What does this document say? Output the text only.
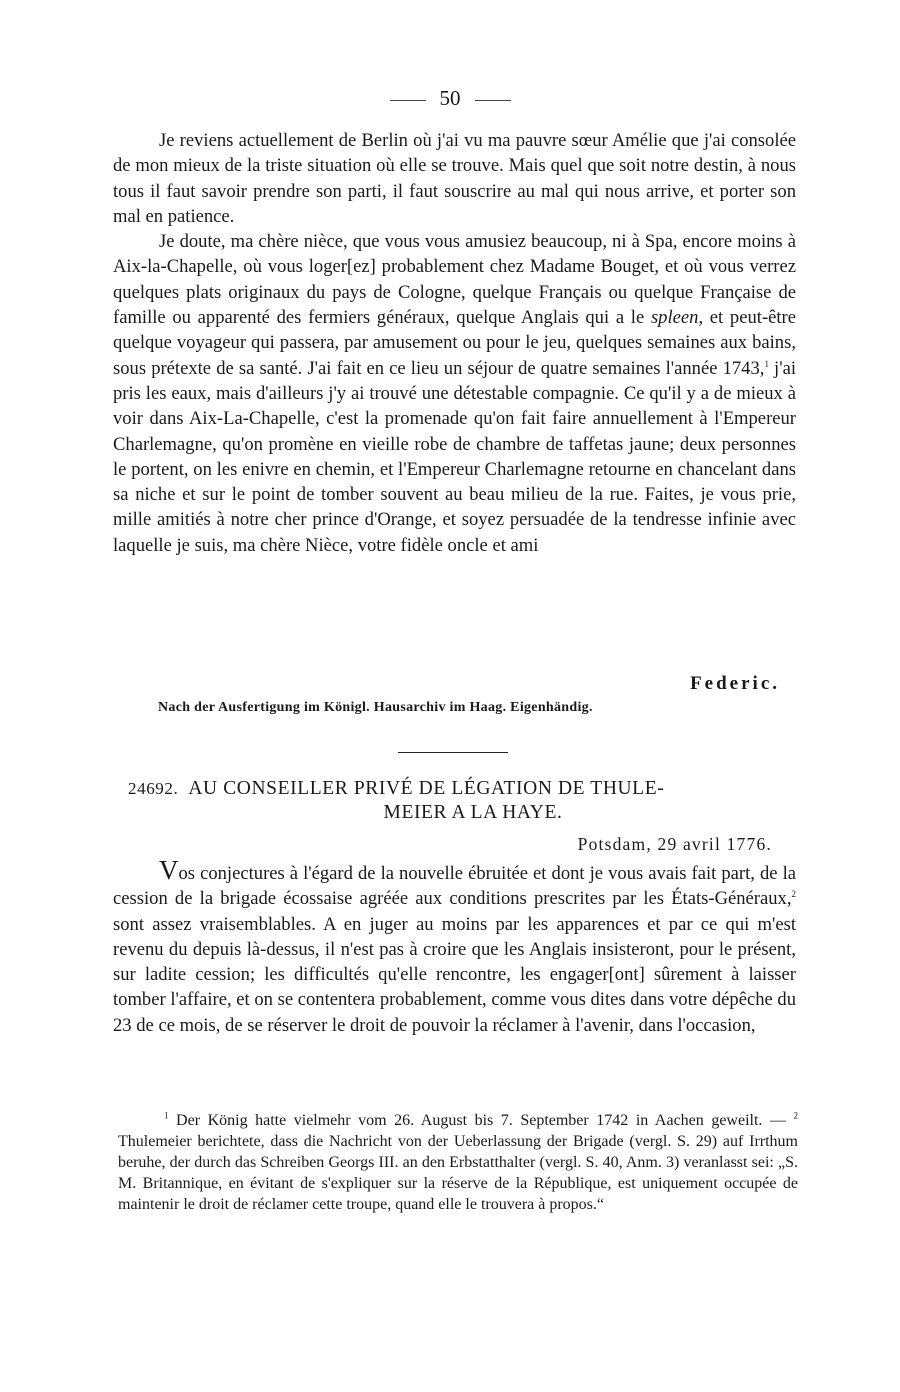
50

Je reviens actuellement de Berlin où j'ai vu ma pauvre sœur Amélie que j'ai consolée de mon mieux de la triste situation où elle se trouve. Mais quel que soit notre destin, à nous tous il faut savoir prendre son parti, il faut souscrire au mal qui nous arrive, et porter son mal en patience.

Je doute, ma chère nièce, que vous vous amusiez beaucoup, ni à Spa, encore moins à Aix-la-Chapelle, où vous loger[ez] probablement chez Madame Bouget, et où vous verrez quelques plats originaux du pays de Cologne, quelque Français ou quelque Française de famille ou apparenté des fermiers généraux, quelque Anglais qui a le spleen, et peut-être quelque voyageur qui passera, par amusement ou pour le jeu, quelques semaines aux bains, sous prétexte de sa santé. J'ai fait en ce lieu un séjour de quatre semaines l'année 1743,$^1$ j'ai pris les eaux, mais d'ailleurs j'y ai trouvé une détestable compagnie. Ce qu'il y a de mieux à voir dans Aix-La-Chapelle, c'est la promenade qu'on fait faire annuellement à l'Empereur Charlemagne, qu'on promène en vieille robe de chambre de taffetas jaune; deux personnes le portent, on les enivre en chemin, et l'Empereur Charlemagne retourne en chancelant dans sa niche et sur le point de tomber souvent au beau milieu de la rue. Faites, je vous prie, mille amitiés à notre cher prince d'Orange, et soyez persuadée de la tendresse infinie avec laquelle je suis, ma chère Nièce, votre fidèle oncle et ami

Federic.
Nach der Ausfertigung im Königl. Hausarchiv im Haag. Eigenhändig.
24692. AU CONSEILLER PRIVÉ DE LÉGATION DE THULE-
MEIER A LA HAYE.
Potsdam, 29 avril 1776.

Vos conjectures à l'égard de la nouvelle ébruitée et dont je vous avais fait part, de la cession de la brigade écossaise agréée aux conditions prescrites par les États-Généraux,$^2$ sont assez vraisemblables. A en juger au moins par les apparences et par ce qui m'est revenu du depuis là-dessus, il n'est pas à croire que les Anglais insisteront, pour le présent, sur ladite cession; les difficultés qu'elle rencontre, les engager[ont] sûrement à laisser tomber l'affaire, et on se contentera probablement, comme vous dites dans votre dépêche du 23 de ce mois, de se réserver le droit de pouvoir la réclamer à l'avenir, dans l'occasion,

$^1$ Der König hatte vielmehr vom 26. August bis 7. September 1742 in Aachen geweilt. — $^2$ Thulemeier berichtete, dass die Nachricht von der Ueberlassung der Brigade (vergl. S. 29) auf Irrthum beruhe, der durch das Schreiben Georgs III. an den Erbstatthalter (vergl. S. 40, Anm. 3) veranlasst sei: „S. M. Britannique, en évitant de s'expliquer sur la réserve de la République, est uniquement occupée de maintenir le droit de réclamer cette troupe, quand elle le trouvera à propos.“
